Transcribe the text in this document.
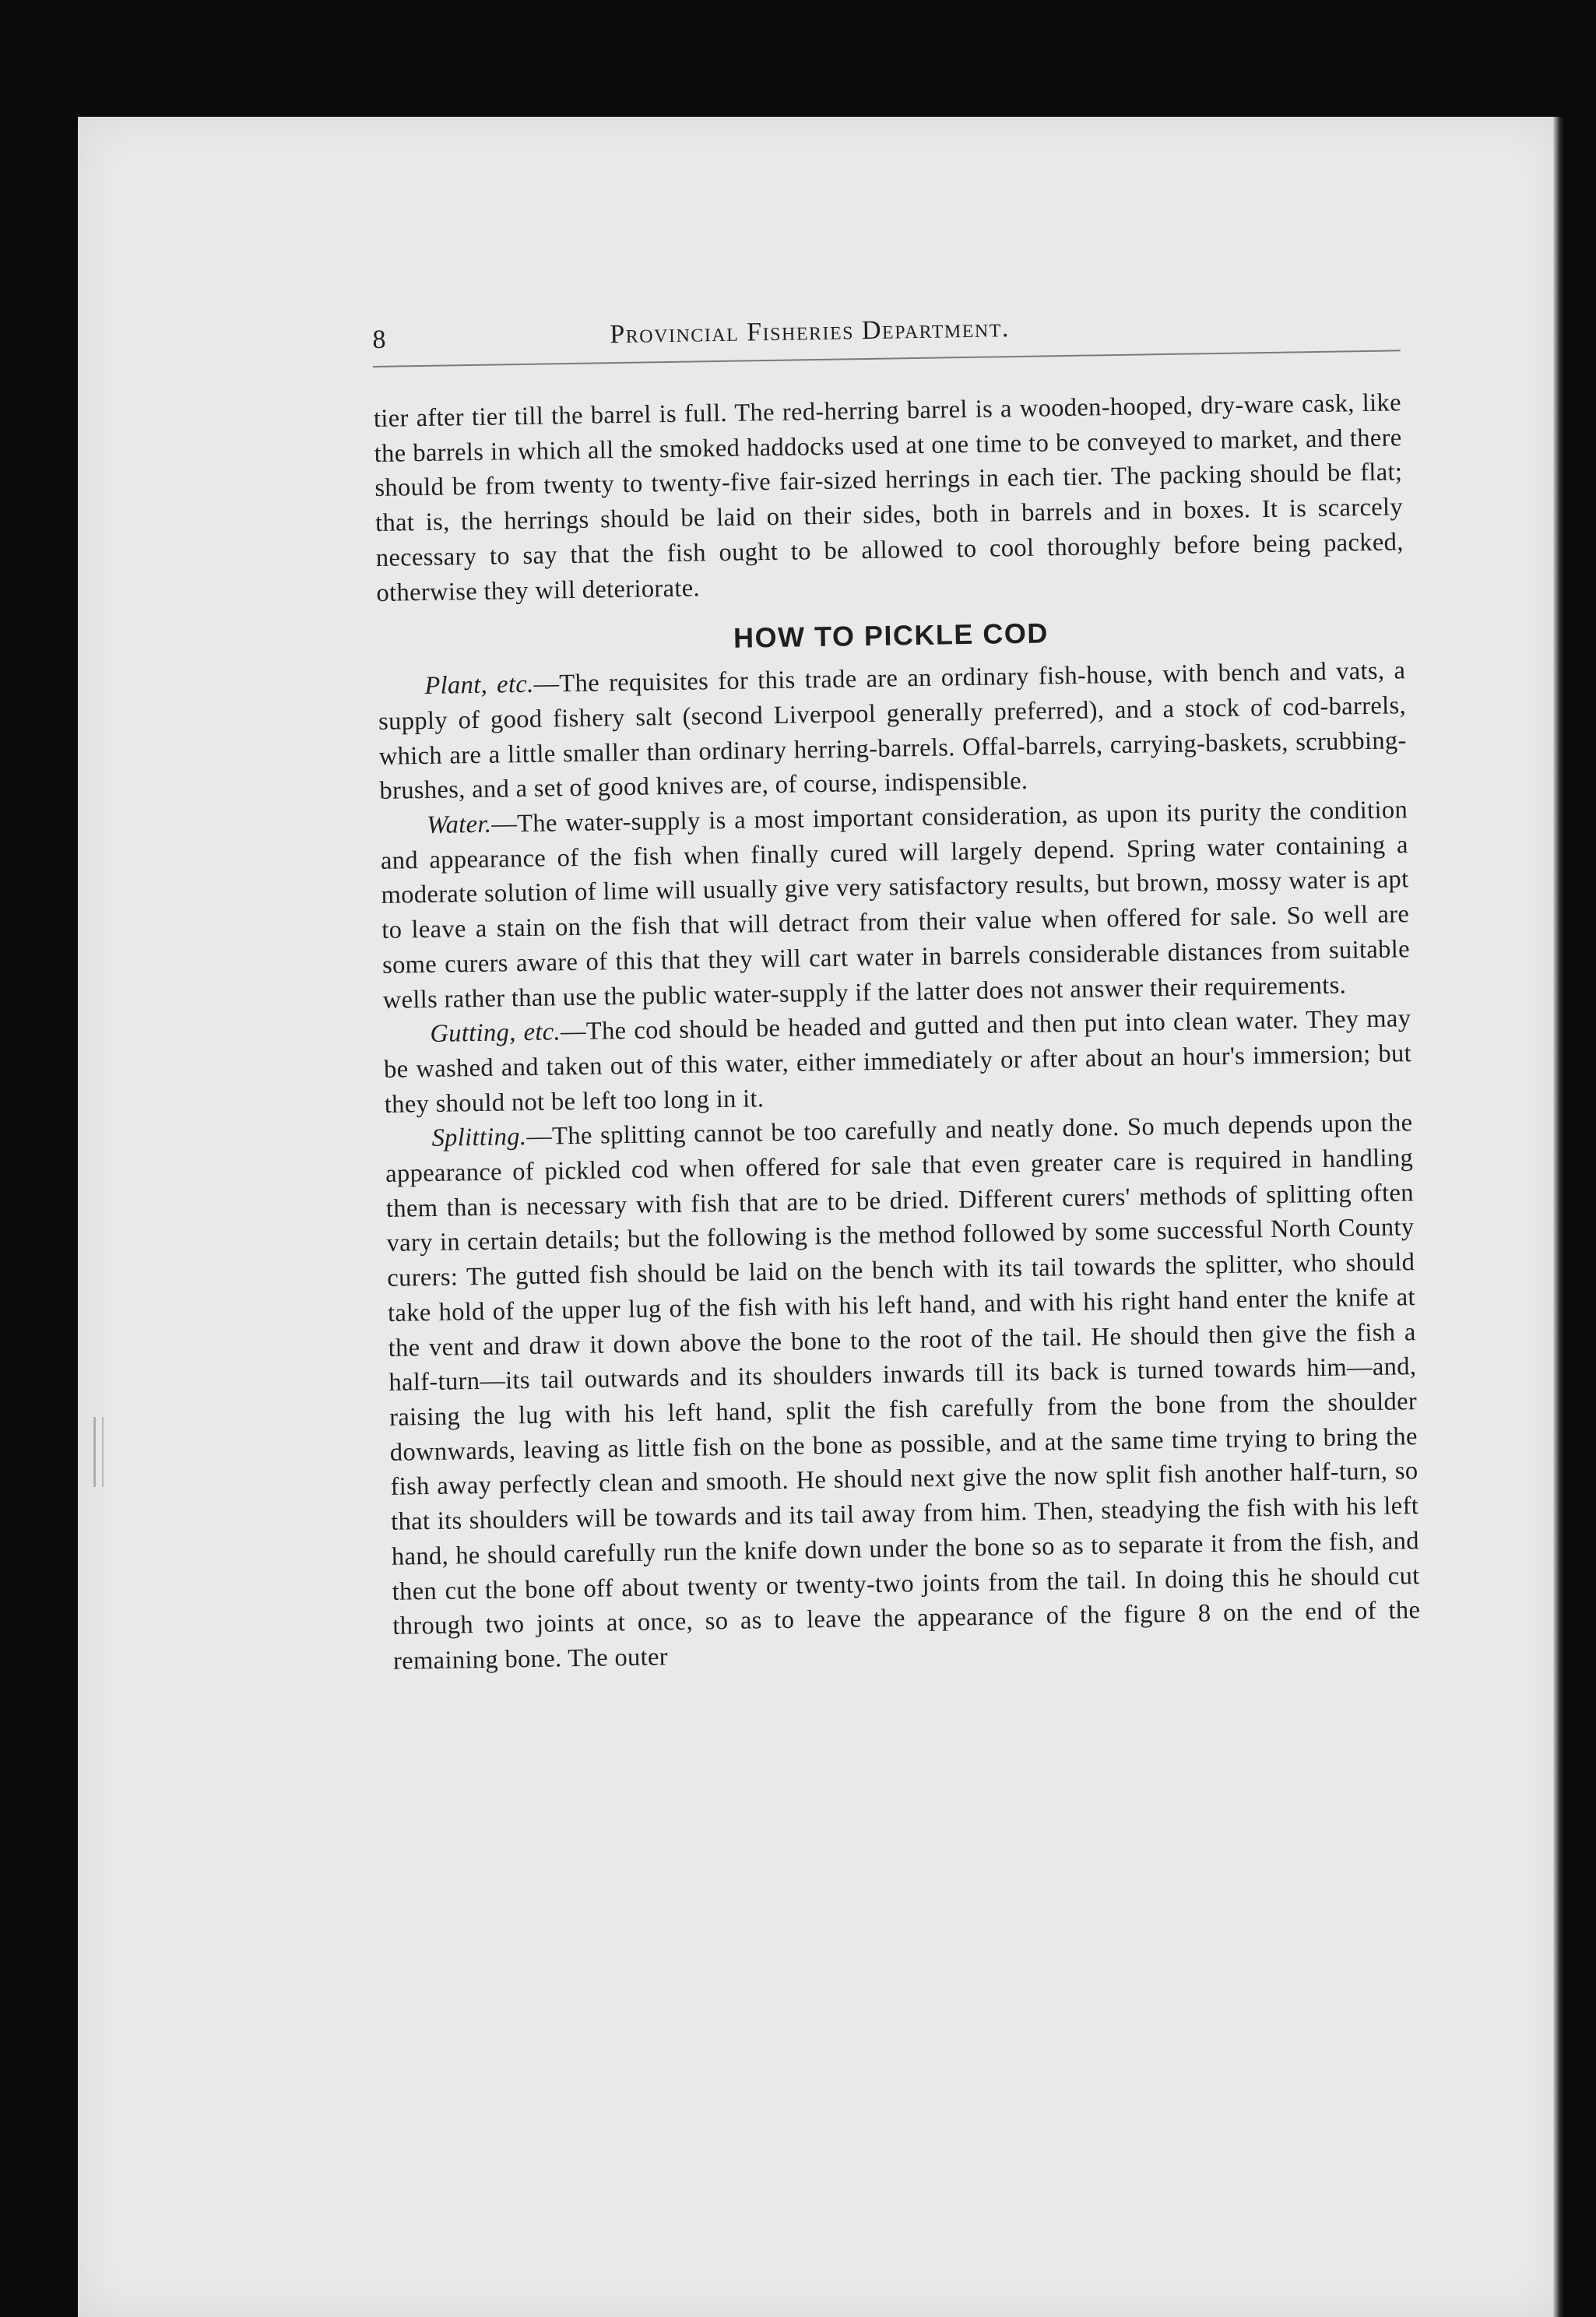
8	Provincial Fisheries Department.

tier after tier till the barrel is full. The red-herring barrel is a wooden-hooped, dry-ware cask, like the barrels in which all the smoked haddocks used at one time to be conveyed to market, and there should be from twenty to twenty-five fair-sized herrings in each tier. The packing should be flat; that is, the herrings should be laid on their sides, both in barrels and in boxes. It is scarcely necessary to say that the fish ought to be allowed to cool thoroughly before being packed, otherwise they will deteriorate.

HOW TO PICKLE COD

Plant, etc.—The requisites for this trade are an ordinary fish-house, with bench and vats, a supply of good fishery salt (second Liverpool generally preferred), and a stock of cod-barrels, which are a little smaller than ordinary herring-barrels. Offal-barrels, carrying-baskets, scrubbing-brushes, and a set of good knives are, of course, indispensible.

Water.—The water-supply is a most important consideration, as upon its purity the condition and appearance of the fish when finally cured will largely depend. Spring water containing a moderate solution of lime will usually give very satisfactory results, but brown, mossy water is apt to leave a stain on the fish that will detract from their value when offered for sale. So well are some curers aware of this that they will cart water in barrels considerable distances from suitable wells rather than use the public water-supply if the latter does not answer their requirements.

Gutting, etc.—The cod should be headed and gutted and then put into clean water. They may be washed and taken out of this water, either immediately or after about an hour's immersion; but they should not be left too long in it.

Splitting.—The splitting cannot be too carefully and neatly done. So much depends upon the appearance of pickled cod when offered for sale that even greater care is required in handling them than is necessary with fish that are to be dried. Different curers' methods of splitting often vary in certain details; but the following is the method followed by some successful North County curers: The gutted fish should be laid on the bench with its tail towards the splitter, who should take hold of the upper lug of the fish with his left hand, and with his right hand enter the knife at the vent and draw it down above the bone to the root of the tail. He should then give the fish a half-turn—its tail outwards and its shoulders inwards till its back is turned towards him—and, raising the lug with his left hand, split the fish carefully from the bone from the shoulder downwards, leaving as little fish on the bone as possible, and at the same time trying to bring the fish away perfectly clean and smooth. He should next give the now split fish another half-turn, so that its shoulders will be towards and its tail away from him. Then, steadying the fish with his left hand, he should carefully run the knife down under the bone so as to separate it from the fish, and then cut the bone off about twenty or twenty-two joints from the tail. In doing this he should cut through two joints at once, so as to leave the appearance of the figure 8 on the end of the remaining bone. The outer
